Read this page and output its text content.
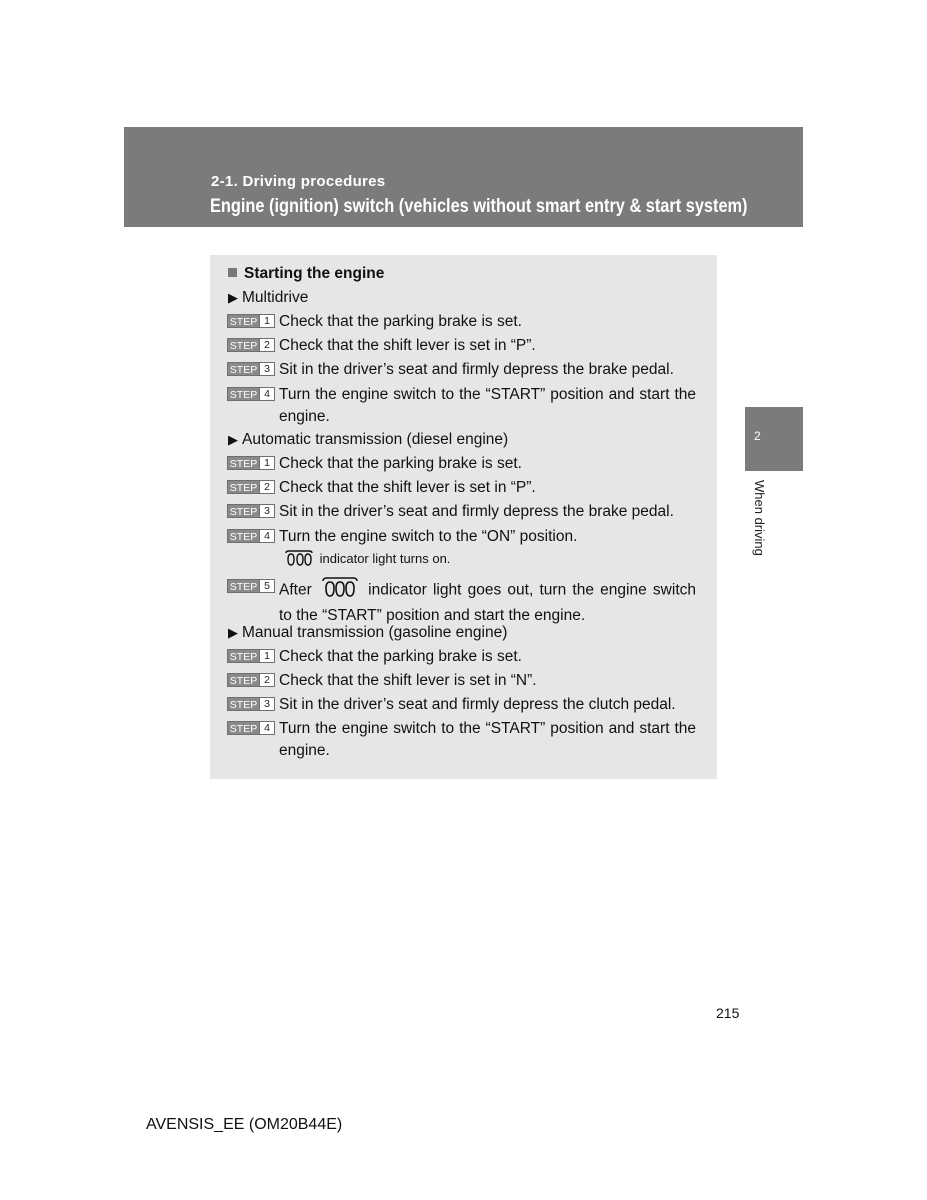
2-1. Driving procedures
Engine (ignition) switch (vehicles without smart entry & start system)
2
When driving
Starting the engine
▶ Multidrive
STEP 1 Check that the parking brake is set.
STEP 2 Check that the shift lever is set in “P”.
STEP 3 Sit in the driver’s seat and firmly depress the brake pedal.
STEP 4 Turn the engine switch to the “START” position and start the engine.
▶ Automatic transmission (diesel engine)
STEP 1 Check that the parking brake is set.
STEP 2 Check that the shift lever is set in “P”.
STEP 3 Sit in the driver’s seat and firmly depress the brake pedal.
STEP 4 Turn the engine switch to the “ON” position.
indicator light turns on.
STEP 5 After	indicator light goes out, turn the engine switch to the “START” position and start the engine.
▶ Manual transmission (gasoline engine)
STEP 1 Check that the parking brake is set.
STEP 2 Check that the shift lever is set in “N”.
STEP 3 Sit in the driver’s seat and firmly depress the clutch pedal.
STEP 4 Turn the engine switch to the “START” position and start the engine.
215
AVENSIS_EE (OM20B44E)
